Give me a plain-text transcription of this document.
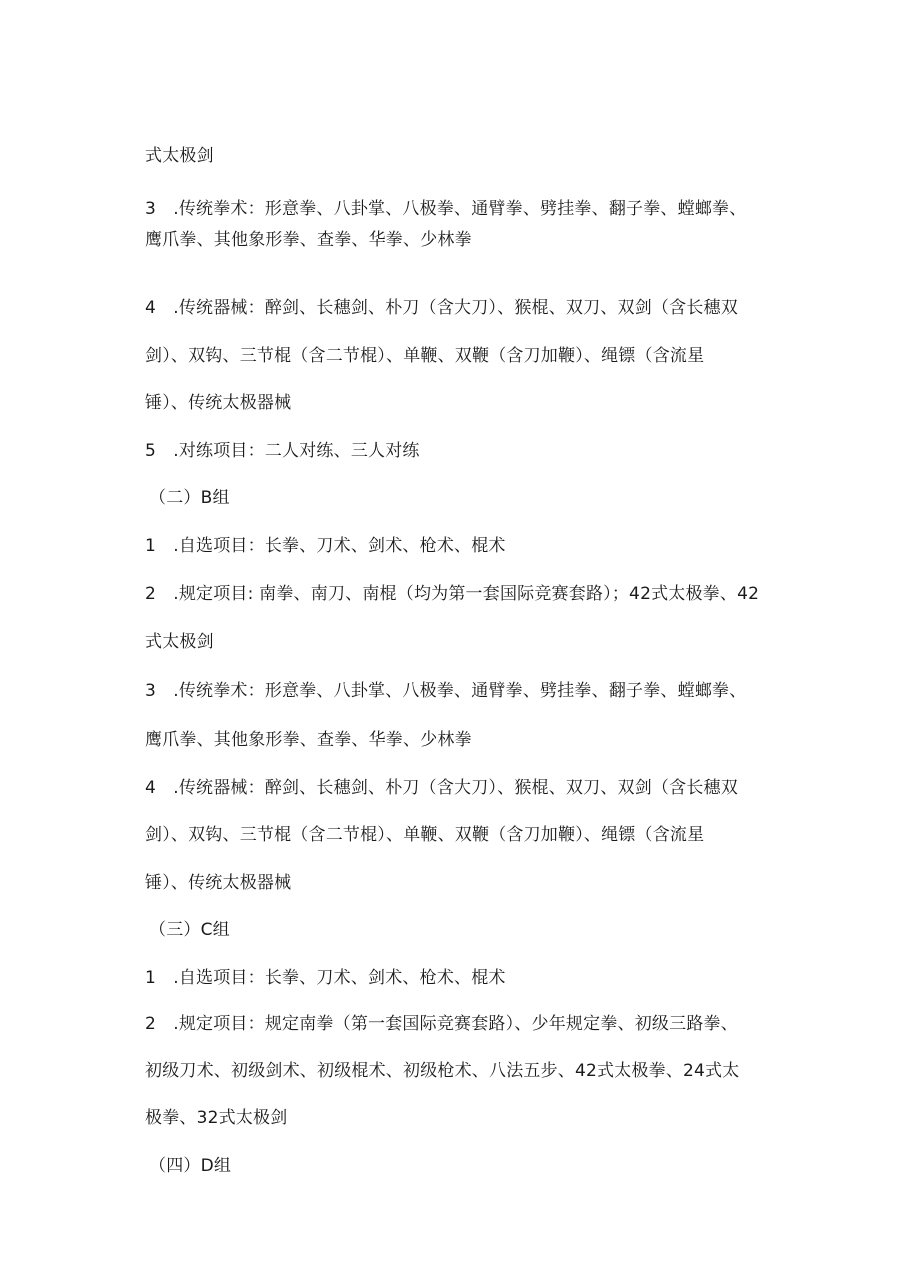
式太极剑
3　.传统拳术：形意拳、八卦掌、八极拳、通臂拳、劈挂拳、翻子拳、螳螂拳、
鹰爪拳、其他象形拳、查拳、华拳、少林拳
4　.传统器械：醉剑、长穗剑、朴刀（含大刀）、猴棍、双刀、双剑（含长穗双
剑）、双钩、三节棍（含二节棍）、单鞭、双鞭（含刀加鞭）、绳镖（含流星
锤）、传统太极器械
5　.对练项目：二人对练、三人对练
（二）B组
1　.自选项目：长拳、刀术、剑术、枪术、棍术
2　.规定项目: 南拳、南刀、南棍（均为第一套国际竞赛套路）；42式太极拳、42
式太极剑
3　.传统拳术：形意拳、八卦掌、八极拳、通臂拳、劈挂拳、翻子拳、螳螂拳、
鹰爪拳、其他象形拳、查拳、华拳、少林拳
4　.传统器械：醉剑、长穗剑、朴刀（含大刀）、猴棍、双刀、双剑（含长穗双
剑）、双钩、三节棍（含二节棍）、单鞭、双鞭（含刀加鞭）、绳镖（含流星
锤）、传统太极器械
（三）C组
1　.自选项目：长拳、刀术、剑术、枪术、棍术
2　.规定项目：规定南拳（第一套国际竞赛套路）、少年规定拳、初级三路拳、
初级刀术、初级剑术、初级棍术、初级枪术、八法五步、42式太极拳、24式太
极拳、32式太极剑
（四）D组
